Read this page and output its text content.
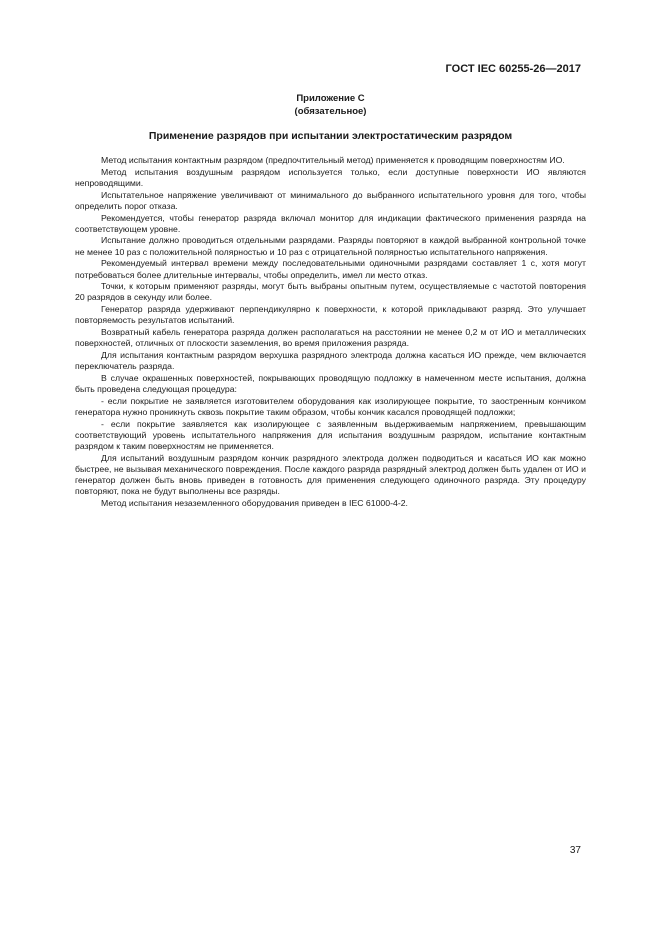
ГОСТ IEC 60255-26—2017
Приложение С
(обязательное)
Применение разрядов при испытании электростатическим разрядом

Метод испытания контактным разрядом (предпочтительный метод) применяется к проводящим поверхностям ИО.

Метод испытания воздушным разрядом используется только, если доступные поверхности ИО являются непроводящими.

Испытательное напряжение увеличивают от минимального до выбранного испытательного уровня для того, чтобы определить порог отказа.

Рекомендуется, чтобы генератор разряда включал монитор для индикации фактического применения разряда на соответствующем уровне.

Испытание должно проводиться отдельными разрядами. Разряды повторяют в каждой выбранной контрольной точке не менее 10 раз с положительной полярностью и 10 раз с отрицательной полярностью испытательного напряжения.

Рекомендуемый интервал времени между последовательными одиночными разрядами составляет 1 с, хотя могут потребоваться более длительные интервалы, чтобы определить, имел ли место отказ.

Точки, к которым применяют разряды, могут быть выбраны опытным путем, осуществляемые с частотой повторения 20 разрядов в секунду или более.

Генератор разряда удерживают перпендикулярно к поверхности, к которой прикладывают разряд. Это улучшает повторяемость результатов испытаний.

Возвратный кабель генератора разряда должен располагаться на расстоянии не менее 0,2 м от ИО и металлических поверхностей, отличных от плоскости заземления, во время приложения разряда.

Для испытания контактным разрядом верхушка разрядного электрода должна касаться ИО прежде, чем включается переключатель разряда.

В случае окрашенных поверхностей, покрывающих проводящую подложку в намеченном месте испытания, должна быть проведена следующая процедура:

- если покрытие не заявляется изготовителем оборудования как изолирующее покрытие, то заостренным кончиком генератора нужно проникнуть сквозь покрытие таким образом, чтобы кончик касался проводящей подложки;

- если покрытие заявляется как изолирующее с заявленным выдерживаемым напряжением, превышающим соответствующий уровень испытательного напряжения для испытания воздушным разрядом, испытание контактным разрядом к таким поверхностям не применяется.

Для испытаний воздушным разрядом кончик разрядного электрода должен подводиться и касаться ИО как можно быстрее, не вызывая механического повреждения. После каждого разряда разрядный электрод должен быть удален от ИО и генератор должен быть вновь приведен в готовность для применения следующего одиночного разряда. Эту процедуру повторяют, пока не будут выполнены все разряды.

Метод испытания незаземленного оборудования приведен в IEC 61000-4-2.

37
